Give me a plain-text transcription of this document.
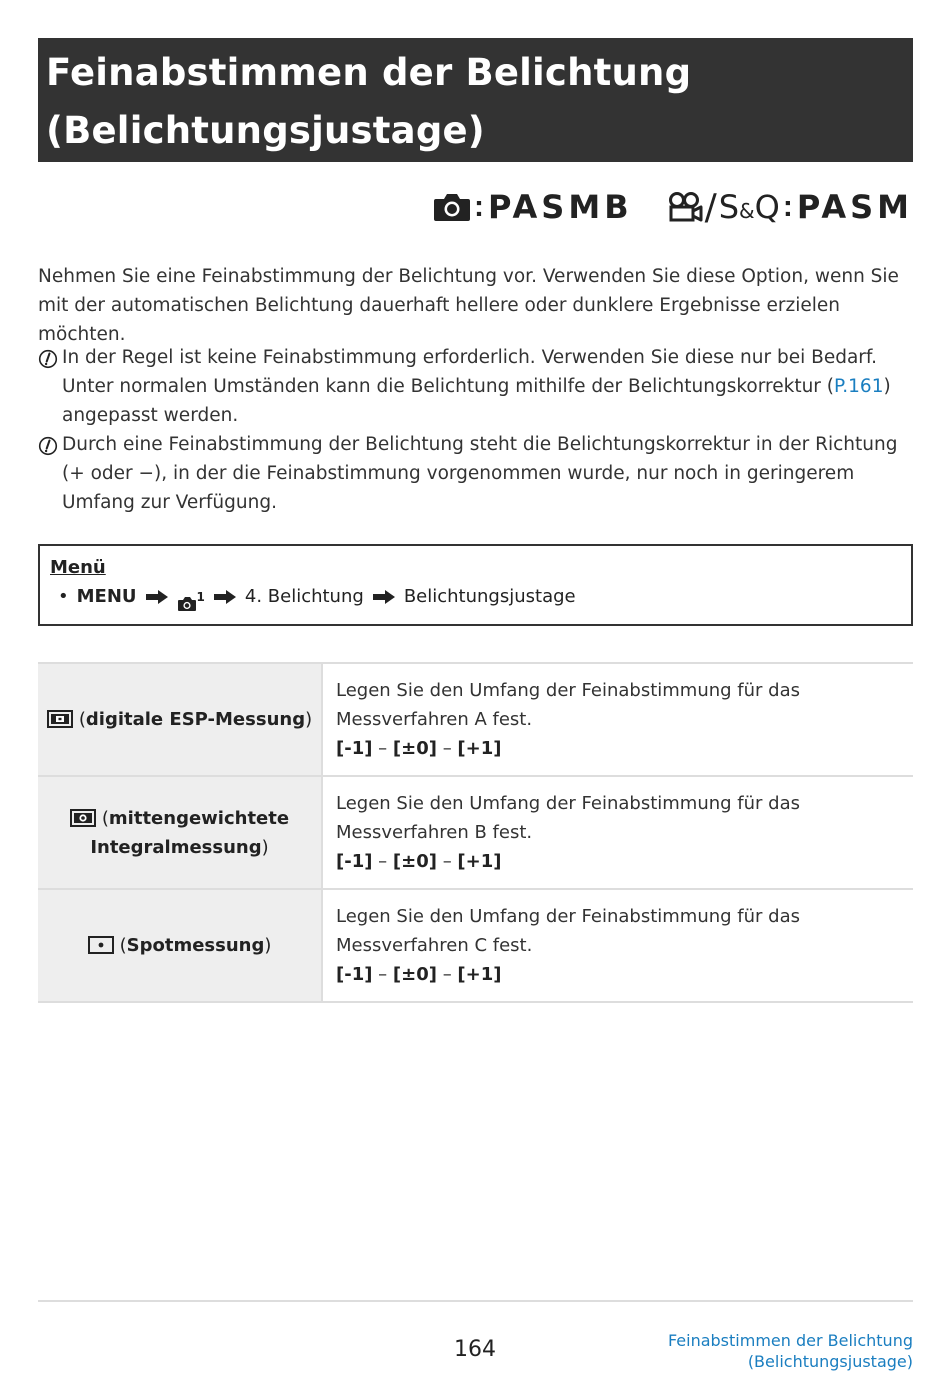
Feinabstimmen der Belichtung
(Belichtungsjustage)
: PASMB / S&Q : PASM
Nehmen Sie eine Feinabstimmung der Belichtung vor. Verwenden Sie diese Option, wenn Sie mit der automatischen Belichtung dauerhaft hellere oder dunklere Ergebnisse erzielen möchten.
In der Regel ist keine Feinabstimmung erforderlich. Verwenden Sie diese nur bei Bedarf. Unter normalen Umständen kann die Belichtung mithilfe der Belichtungskorrektur (P.161) angepasst werden.
Durch eine Feinabstimmung der Belichtung steht die Belichtungskorrektur in der Richtung (+ oder −), in der die Feinabstimmung vorgenommen wurde, nur noch in geringerem Umfang zur Verfügung.
Menü
• MENU	$^1$ 4. Belichtung Belichtungsjustage
(digitale ESP-Messung)
Legen Sie den Umfang der Feinabstimmung für das
Messverfahren A fest.
[-1] – [±0] – [+1]
(mittengewichtete
Integralmessung)
Legen Sie den Umfang der Feinabstimmung für das
Messverfahren B fest.
[-1] – [±0] – [+1]
(Spotmessung)
Legen Sie den Umfang der Feinabstimmung für das
Messverfahren C fest.
[-1] – [±0] – [+1]
164	Feinabstimmen der Belichtung
(Belichtungsjustage)
